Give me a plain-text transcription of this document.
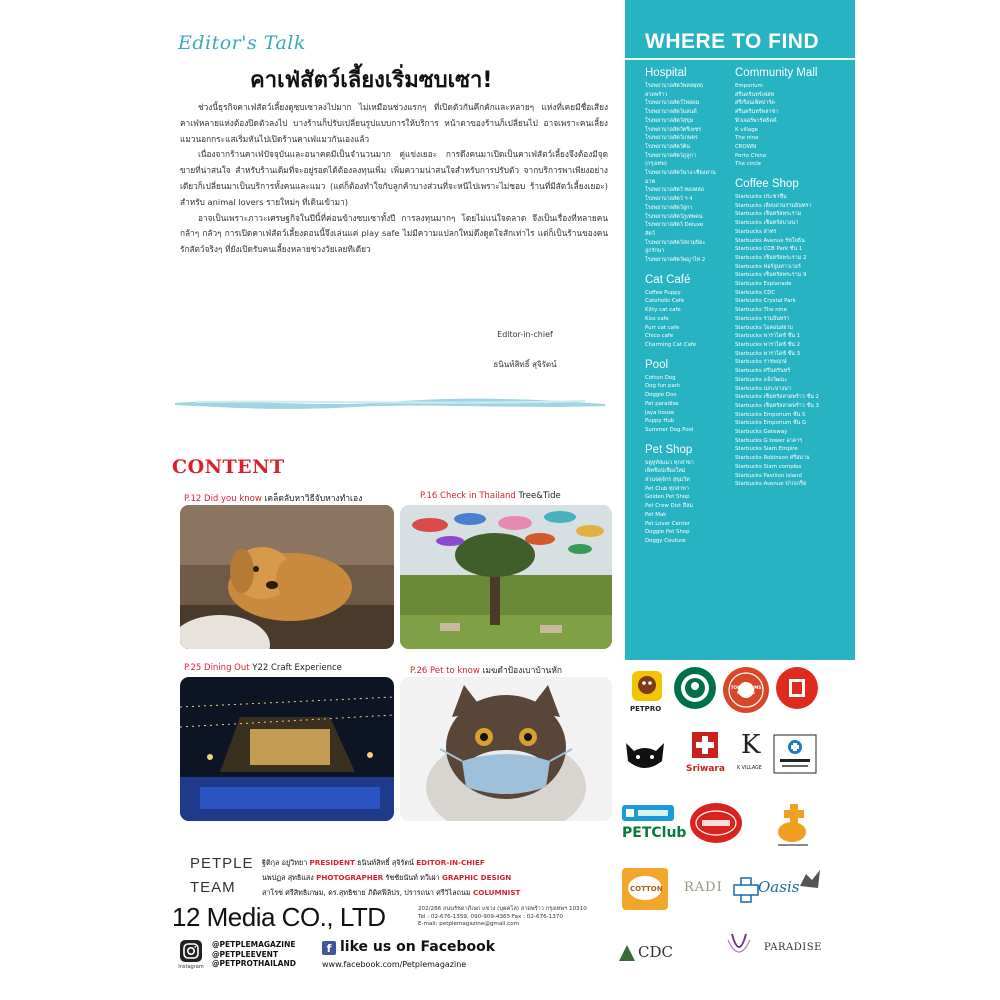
Editor's Talk
คาเฟ่สัตว์เลี้ยงเริ่มซบเซา!

ช่วงนี้ธุรกิจคาเฟ่สัตว์เลี้ยงดูซบเซาลงไปมาก ไม่เหมือนช่วงแรกๆ ที่เปิดตัวกันคึกคักและหลายๆ แห่งที่เคยมีชื่อเสียง คาเฟ่หลายแห่งต้องปิดตัวลงไป บางร้านก็ปรับเปลี่ยนรูปแบบการให้บริการ หน้าตาของร้านก็เปลี่ยนไป อาจเพราะคนเลี้ยงแมวนอกกระแสเริ่มหันไปเปิดร้านคาเฟ่แมวกันเองแล้ว

เนื่องจากร้านคาเฟ่ปัจจุบันและอนาคตมีเป็นจำนวนมาก คู่แข่งเยอะ การดึงคนมาเปิดเป็นคาเฟ่สัตว์เลี้ยงจึงต้องมีจุดขายที่น่าสนใจ สำหรับร้านเดิมที่จะอยู่รอดได้ต้องลงทุนเพิ่ม เพิ่มความน่าสนใจสำหรับการปรับตัว จากบริการพาเพียงอย่างเดียวก็เปลี่ยนมาเป็นบริการทั้งคนและแมว (แต่ก็ต้องทำใจกับลูกค้าบางส่วนที่จะหนีไปเพราะไม่ชอบ ร้านที่มีสัตว์เลี้ยงเยอะ) สำหรับ animal lovers รายใหม่ๆ ที่เดินเข้ามา)

อาจเป็นเพราะภาวะเศรษฐกิจในปีนี้ที่ค่อนข้างซบเซาทั้งปี การลงทุนมากๆ โดยไม่แน่ใจตลาด จึงเป็นเรื่องที่หลายคนกล้าๆ กลัวๆ การเปิดคาเฟ่สัตว์เลี้ยงตอนนี้จึงเล่นแค่ play safe ไม่มีความแปลกใหม่ดึงดูดใจสักเท่าไร แต่ก็เป็นร้านของคนรักสัตว์จริงๆ ที่ยังเปิดรับคนเลี้ยงหลายช่วงวัยเลยทีเดียว

Editor-in-chief
ธนินท์สิทธิ์ สุจิรัตน์
CONTENT
P.12 Did you know เคล็ดลับหาวิธีจับหางทำเอง	P.16 Check in Thailand Tree&Tide
P.25 Dining Out Y22 Craft Experience	P.26 Pet to know เมฆดำป้องเบาบ้านหัก
PETPLE
TEAM
ฐิติกุล อยู่วิทยา PRESIDENT ธนินท์สิทธิ์ สุจิรัตน์ EDITOR-IN-CHIEF
นพปฏล สุทธิแสง PHOTOGRAPHER รัชชัยนันท์ ทวีเผ่า GRAPHIC DESIGN
สาโรช ศรีสิทธิเกษม, ดร.สุทธิชาย ภิดิศฟีลิปร, ปรารถนา ศรีวิไลถนม COLUMNIST
12 Media CO., LTD	202/286 ถนนรัชดาภิเษก แขวง (บุคคโล) ลาดพร้าว กรุงเทพฯ 10310
Tel : 02-676-1359, 090-909-4365 Fax : 02-676-1370
E-mail: petplemagazine@gmail.com
Instagram
@PETPLEMAGAZINE
@PETPLEEVENT
@PETPROTHAILAND
f like us on Facebook
www.facebook.com/Petplemagazine
WHERE TO FIND
Hospital
โรงพยาบาลสัตว์พหลยุทธ
ลาดพร้าว
โรงพยาบาลสัตว์ไทยคม
โรงพยาบาลสัตว์แลนด์
โรงพยาบาลสัตว์สุขุม
โรงพยาบาลสัตว์ตรีเพชร
โรงพยาบาลสัตว์เกษตร
โรงพยาบาลสัตว์ต้น
โรงพยาบาลสัตว์ภูลูกา
(กรุงเทพ)
โรงพยาบาลสัตว์นาง-เชียงคาน
มาต
โรงพยาบาลสัตว์ ทองหล่อ
โรงพยาบาลสัตว์ ฯ 4
โรงพยาบาลสัตว์ลูกา
โรงพยาบาลสัตว์ภูเทพคน
โรงพยาบาลสัตว์ Deluxe
สัตว์
โรงพยาบาลสัตว์สยามปิยะ
ลูกรักษา
โรงพยาบาลสัตว์พญาไท 2
Cat Café
Coffee Puppy
Catoholic Cafe
Kitty cat cafe
Kiss cafe
Purr cat cafe
Chico cafe
Charming Cat Cafe
Pool
Cotton Dog
Dog fun park
Doggie Doo
Pet paradise
Jaya house
Puppy Hub
Summer Dog Pool
Pet Shop
บลูทูทัสแมว ทุกสาขา
เพ็ทช็อปเชียงใหม่
สวนจตุจักร สุขุมวิท
Pet Club ทุกสาขา
Golden Pet Shop
Pet Crew Dist สีลม
Pet Mak
Pet Lover Center
Doggie Pet Shop
Doggy Couture
Community Mall
Emporium
ศรีนครินทร์เฟสท
ศรีเรือนเพ็ทปาร์ค
ศรีนครินทร์พลาซ่า
ฟิวเจอร์พาร์คธิคค์
K village
The nine
CROWN
Porto Chino
The circle
Coffee Shop
Starbucks ประชาชื่น
Starbucks เลียบด่วนรามอินทรา
Starbucks เซ็นทรัลพระราม
Starbucks เซ็นทรัลบางนา
Starbucks สาทร
Starbucks Avenue รัชโยธิน
Starbucks CCB Park ชั้น 1
Starbucks เซ็นทรัลพระราม 2
Starbucks ฟอร์จูนทาวเวอร์
Starbucks เซ็นทรัลพระราม 9
Starbucks Esplanade
Starbucks CDC
Starbucks Crystal Park
Starbucks The nine
Starbucks รามอินทรา
Starbucks ไอคอนสยาม
Starbucks พาราไดซ์ ชั้น 1
Starbucks พาราไดซ์ ชั้น 2
Starbucks พาราไดซ์ ชั้น 3
Starbucks ราชพฤกษ์
Starbucks ศรีนครินทร์
Starbucks แจ้งวัฒนะ
Starbucks เมกะบางนา
Starbucks เซ็นทรัลลาดพร้าว ชั้น 2
Starbucks เซ็นทรัลลาดพร้าว ชั้น 3
Starbucks Emporium ชั้น 5
Starbucks Emporium ชั้น G
Starbucks Gateway
Starbucks G tower อาคาร
Starbucks Siam Empire
Starbucks Robinson ศรีสมาน
Starbucks Siam complex
Starbucks Pavilion island
Starbucks Avenue ปากเกร็ด
PETPRO
TOM N TOMS COFFEE
Sriwara
K
K VILLAGE
PETClub
COTTON RADI Oasis
CDC	PARADISE
